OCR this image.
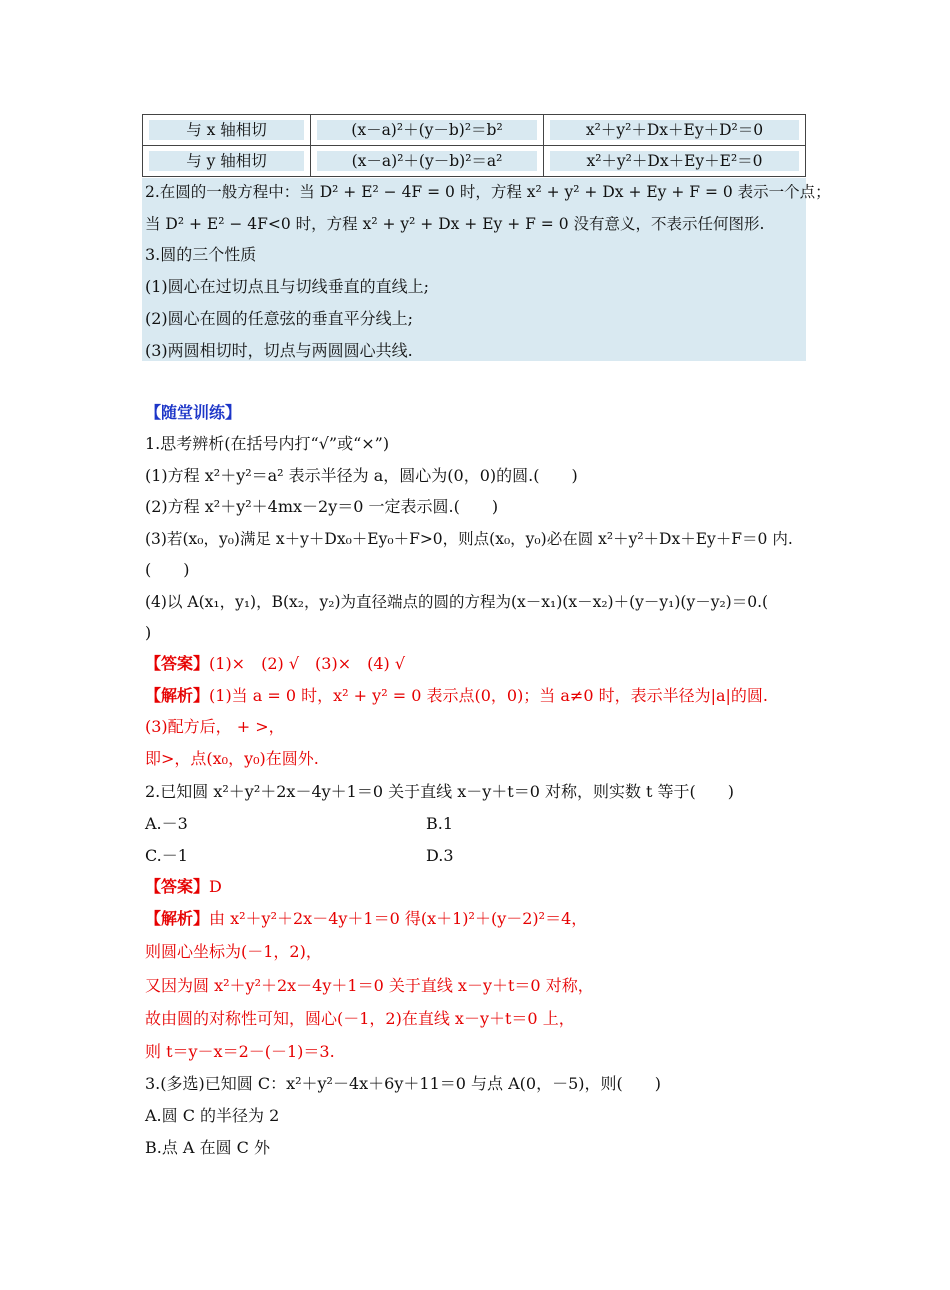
与 x 轴相切	(x－a)²＋(y－b)²＝b²	x²＋y²＋Dx＋Ey＋D²＝0

与 y 轴相切	(x－a)²＋(y－b)²＝a²	x²＋y²＋Dx＋Ey＋E²＝0
2.在圆的一般方程中：当 D² + E² − 4F = 0 时，方程 x² + y² + Dx + Ey + F = 0 表示一个点；
当 D² + E² − 4F<0 时，方程 x² + y² + Dx + Ey + F = 0 没有意义，不表示任何图形.
3.圆的三个性质
(1)圆心在过切点且与切线垂直的直线上;
(2)圆心在圆的任意弦的垂直平分线上;
(3)两圆相切时，切点与两圆圆心共线.
【随堂训练】
1.思考辨析(在括号内打“√”或“×”)
(1)方程 x²＋y²＝a² 表示半径为 a，圆心为(0，0)的圆.(　　)
(2)方程 x²＋y²＋4mx－2y＝0 一定表示圆.(　　)
(3)若(x₀，y₀)满足 x＋y＋Dx₀＋Ey₀＋F>0，则点(x₀，y₀)必在圆 x²＋y²＋Dx＋Ey＋F＝0 内.
(　　)
(4)以 A(x₁，y₁)，B(x₂，y₂)为直径端点的圆的方程为(x－x₁)(x－x₂)＋(y－y₁)(y－y₂)＝0.(
)
【答案】(1)×　(2) √　(3)×　(4) √
【解析】(1)当 a = 0 时，x² + y² = 0 表示点(0，0)；当 a≠0 时，表示半径为|a|的圆.
(3)配方后， + >，
即>，点(x₀，y₀)在圆外.
2.已知圆 x²＋y²＋2x－4y＋1＝0 关于直线 x－y＋t＝0 对称，则实数 t 等于(　　)
A.－3	B.1
C.－1	D.3
【答案】D
【解析】由 x²＋y²＋2x－4y＋1＝0 得(x＋1)²＋(y－2)²＝4，
则圆心坐标为(－1，2)，
又因为圆 x²＋y²＋2x－4y＋1＝0 关于直线 x－y＋t＝0 对称，
故由圆的对称性可知，圆心(－1，2)在直线 x－y＋t＝0 上，
则 t＝y－x＝2－(－1)＝3.
3.(多选)已知圆 C：x²＋y²－4x＋6y＋11＝0 与点 A(0，－5)，则(　　)
A.圆 C 的半径为 2
B.点 A 在圆 C 外
